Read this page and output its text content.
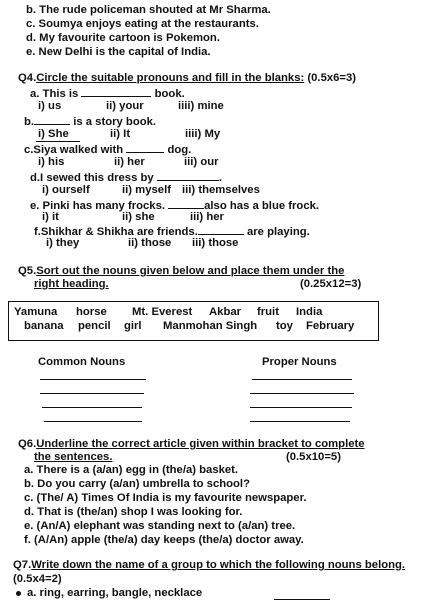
b. The rude policeman shouted at Mr Sharma.
c. Soumya enjoys eating at the restaurants.
d. My favourite cartoon is Pokemon.
e. New Delhi is the capital of India.
Q4.Circle the suitable pronouns and fill in the blanks: (0.5x6=3)
a. This is	book.
i) us	ii) your	iiii) mine
b.	is a story book.
i) She	ii) It	iiii) My
c.Siya walked with	dog.
i) his	ii) her	iii) our
d.I sewed this dress by	.
i) ourself	ii) myself iii) themselves
e. Pinki has many frocks.	also has a blue frock.
i) it	ii) she	iii) her
f.Shikhar & Shikha are friends.	are playing.
i) they	ii) those iii) those
Q5.Sort out the nouns given below and place them under the
right heading.	(0.25x12=3)
Yamuna horse Mt. Everest Akbar fruit India
banana pencil girl Manmohan Singh toy February
Common Nouns	Proper Nouns
Q6.Underline the correct article given within bracket to complete
the sentences.	(0.5x10=5)
a. There is a (a/an) egg in (the/a) basket.
b. Do you carry (a/an) umbrella to school?
c. (The/ A) Times Of India is my favourite newspaper.
d. That is (the/an) shop I was looking for.
e. (An/A) elephant was standing next to (a/an) tree.
f. (A/An) apple (the/a) day keeps (the/a) doctor away.
Q7.Write down the name of a group to which the following nouns belong.
(0.5x4=2)
a. ring, earring, bangle, necklace
